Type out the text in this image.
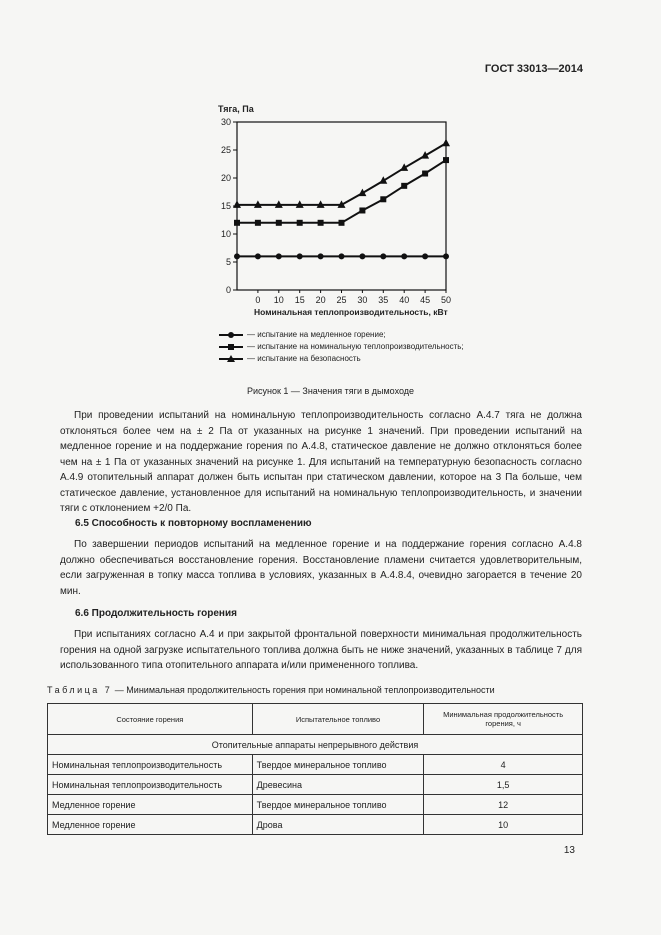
ГОСТ 33013—2014
Тяга, Па
0
5
10
15
20
25
30
0 10 15 20 25 30 35 40 45 50
Номинальная теплопроизводительность, кВт
— испытание на медленное горение;
— испытание на номинальную теплопроизводительность;
— испытание на безопасность
Рисунок 1 — Значения тяги в дымоходе

При проведении испытаний на номинальную теплопроизводительность согласно А.4.7 тяга не должна отклоняться более чем на ± 2 Па от указанных на рисунке 1 значений. При проведении испытаний на медленное горение и на поддержание горения по А.4.8, статическое давление не должно отклоняться более чем на ± 1 Па от указанных значений на рисунке 1. Для испытаний на температурную безопасность согласно А.4.9 отопительный аппарат должен быть испытан при статическом давлении, которое на 3 Па больше, чем статическое давление, установленное для испытаний на номинальную теплопроизводительность, и значении тяги с отклонением +2/0 Па.

6.5 Способность к повторному воспламенению

По завершении периодов испытаний на медленное горение и на поддержание горения согласно А.4.8 должно обеспечиваться восстановление горения. Восстановление пламени считается удовлетворительным, если загруженная в топку масса топлива в условиях, указанных в А.4.8.4, очевидно загорается в течение 20 мин.

6.6 Продолжительность горения

При испытаниях согласно А.4 и при закрытой фронтальной поверхности минимальная продолжительность горения на одной загрузке испытательного топлива должна быть не ниже значений, указанных в таблице 7 для использованного типа отопительного аппарата и/или примененного топлива.

Таблица 7 — Минимальная продолжительность горения при номинальной теплопроизводительности
Состояние горения	Испытательное топливо	Минимальная продолжительность горения, ч
Отопительные аппараты непрерывного действия		
Номинальная теплопроизводительность	Твердое минеральное топливо	4
Номинальная теплопроизводительность	Древесина	1,5
Медленное горение	Твердое минеральное топливо	12
Медленное горение	Дрова	10
13
